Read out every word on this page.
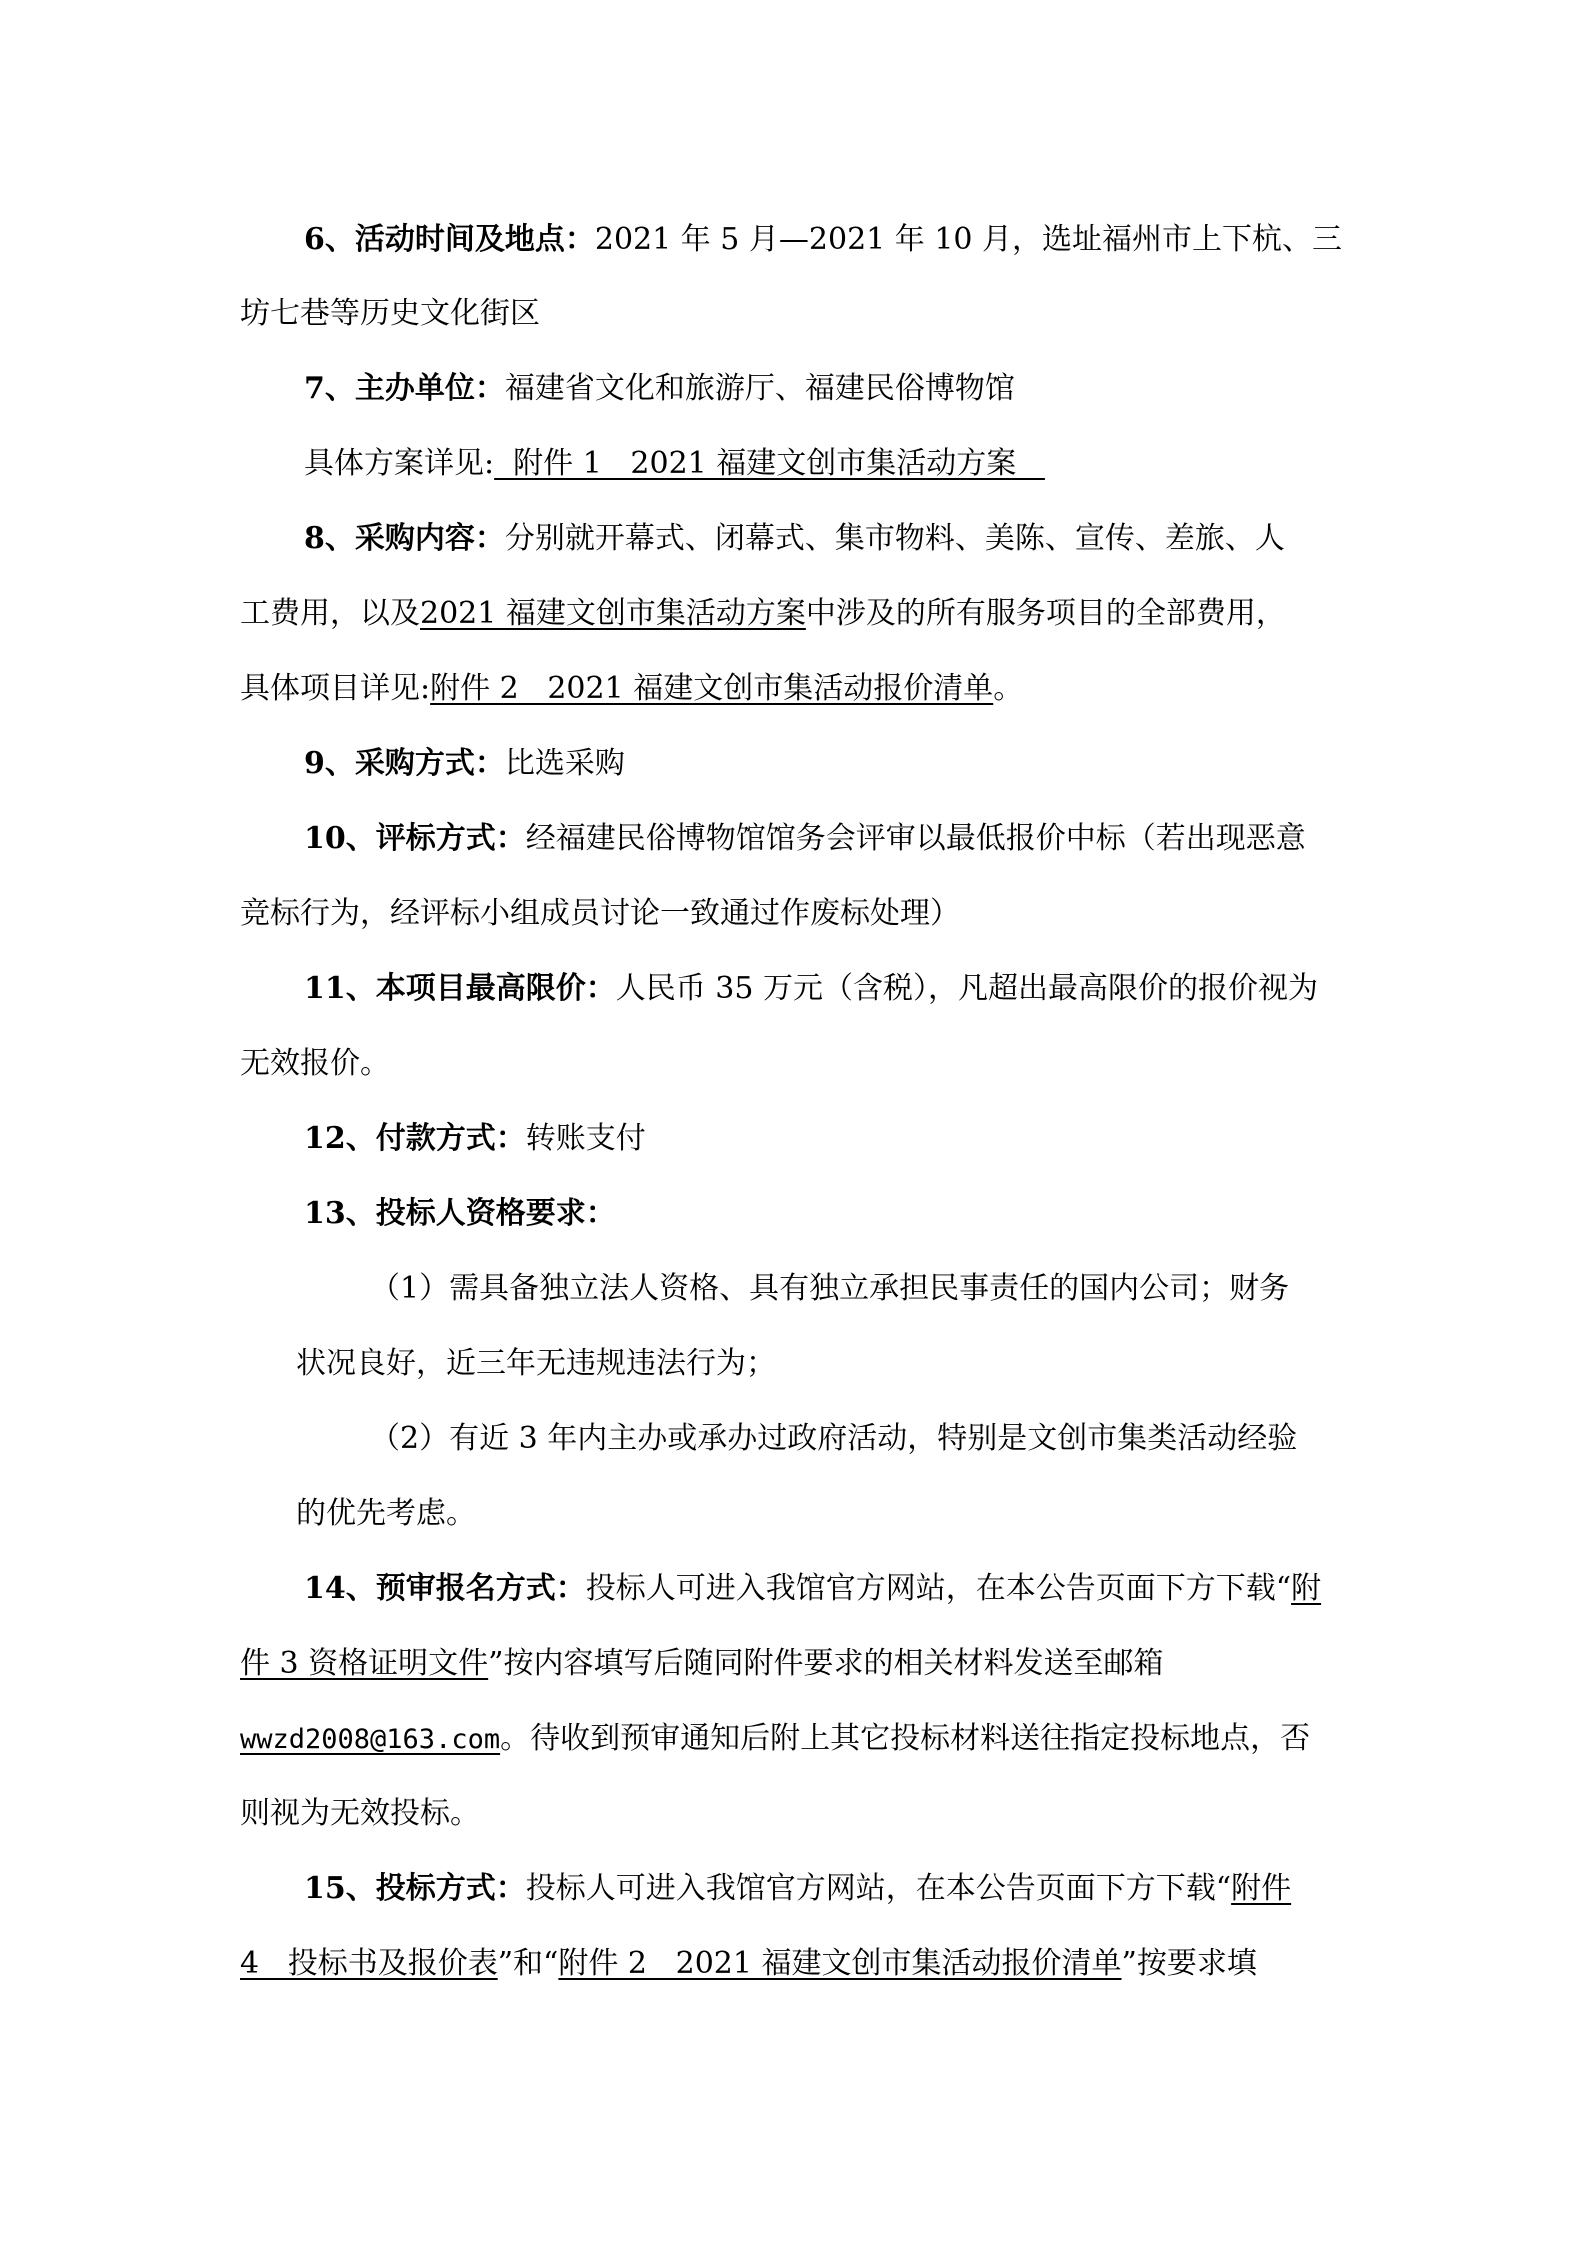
6、活动时间及地点：2021 年 5 月—2021 年 10 月，选址福州市上下杭、三
坊七巷等历史文化街区
7、主办单位：福建省文化和旅游厅、福建民俗博物馆
具体方案详见:  附件 1   2021 福建文创市集活动方案
8、采购内容：分别就开幕式、闭幕式、集市物料、美陈、宣传、差旅、人
工费用，以及2021 福建文创市集活动方案中涉及的所有服务项目的全部费用，
具体项目详见:附件 2   2021 福建文创市集活动报价清单。
9、采购方式：比选采购
10、评标方式：经福建民俗博物馆馆务会评审以最低报价中标（若出现恶意
竞标行为，经评标小组成员讨论一致通过作废标处理）
11、本项目最高限价：人民币 35 万元（含税），凡超出最高限价的报价视为
无效报价。
12、付款方式：转账支付
13、投标人资格要求：
（1）需具备独立法人资格、具有独立承担民事责任的国内公司；财务
状况良好，近三年无违规违法行为；
（2）有近 3 年内主办或承办过政府活动，特别是文创市集类活动经验
的优先考虑。
14、预审报名方式：投标人可进入我馆官方网站，在本公告页面下方下载“附
件 3 资格证明文件”按内容填写后随同附件要求的相关材料发送至邮箱
wwzd2008@163.com。待收到预审通知后附上其它投标材料送往指定投标地点，否
则视为无效投标。
15、投标方式：投标人可进入我馆官方网站，在本公告页面下方下载“附件
4   投标书及报价表”和“附件 2   2021 福建文创市集活动报价清单”按要求填
